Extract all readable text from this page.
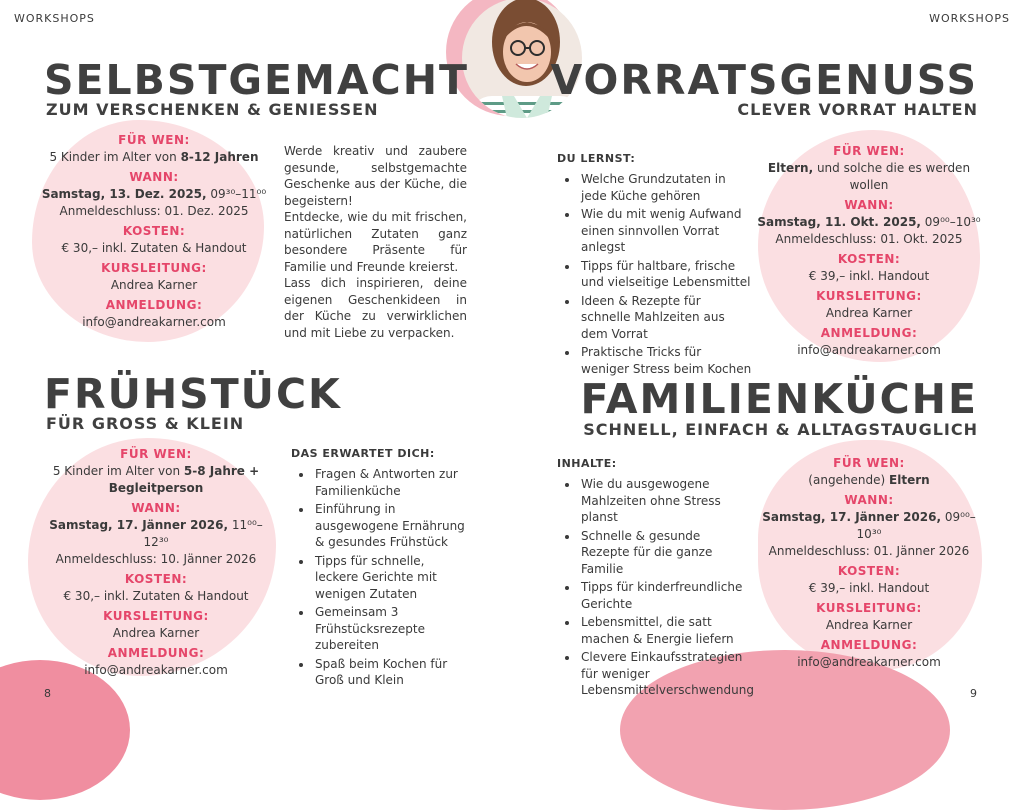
WORKSHOPS	WORKSHOPS
SELBSTGEMACHT
ZUM VERSCHENKEN & GENIESSEN
FÜR WEN:
5 Kinder im Alter von 8-12 Jahren
WANN:
Samstag, 13. Dez. 2025, 09³⁰–11⁰⁰
Anmeldeschluss: 01. Dez. 2025
KOSTEN:
€ 30,– inkl. Zutaten & Handout
KURSLEITUNG:
Andrea Karner
ANMELDUNG:
info@andreakarner.com

Werde kreativ und zaubere gesunde, selbstgemachte Geschenke aus der Küche, die begeistern!

Entdecke, wie du mit frischen, natürlichen Zutaten ganz besondere Präsente für Familie und Freunde kreierst.

Lass dich inspirieren, deine eigenen Geschenkideen in der Küche zu verwirklichen und mit Liebe zu verpacken.

VORRATSGENUSS
CLEVER VORRAT HALTEN
DU LERNST:
• Welche Grundzutaten in jede Küche gehören
• Wie du mit wenig Aufwand einen sinnvollen Vorrat anlegst
• Tipps für haltbare, frische und vielseitige Lebensmittel
• Ideen & Rezepte für schnelle Mahlzeiten aus dem Vorrat
• Praktische Tricks für weniger Stress beim Kochen
FÜR WEN:
Eltern, und solche die es werden wollen
WANN:
Samstag, 11. Okt. 2025, 09⁰⁰–10³⁰
Anmeldeschluss: 01. Okt. 2025
KOSTEN:
€ 39,– inkl. Handout
KURSLEITUNG:
Andrea Karner
ANMELDUNG:
info@andreakarner.com
FRÜHSTÜCK
FÜR GROSS & KLEIN
FÜR WEN:
5 Kinder im Alter von 5-8 Jahre + Begleitperson
WANN:
Samstag, 17. Jänner 2026, 11⁰⁰–12³⁰
Anmeldeschluss: 10. Jänner 2026
KOSTEN:
€ 30,– inkl. Zutaten & Handout
KURSLEITUNG:
Andrea Karner
ANMELDUNG:
info@andreakarner.com
DAS ERWARTET DICH:
• Fragen & Antworten zur Familienküche
• Einführung in ausgewogene Ernährung & gesundes Frühstück
• Tipps für schnelle, leckere Gerichte mit wenigen Zutaten
• Gemeinsam 3 Frühstücksrezepte zubereiten
• Spaß beim Kochen für Groß und Klein
FAMILIENKÜCHE
SCHNELL, EINFACH & ALLTAGSTAUGLICH
INHALTE:
• Wie du ausgewogene Mahlzeiten ohne Stress planst
• Schnelle & gesunde Rezepte für die ganze Familie
• Tipps für kinderfreundliche Gerichte
• Lebensmittel, die satt machen & Energie liefern
• Clevere Einkaufsstrategien für weniger Lebensmittelverschwendung
FÜR WEN:
(angehende) Eltern
WANN:
Samstag, 17. Jänner 2026, 09⁰⁰–10³⁰
Anmeldeschluss: 01. Jänner 2026
KOSTEN:
€ 39,– inkl. Handout
KURSLEITUNG:
Andrea Karner
ANMELDUNG:
info@andreakarner.com
8	9
